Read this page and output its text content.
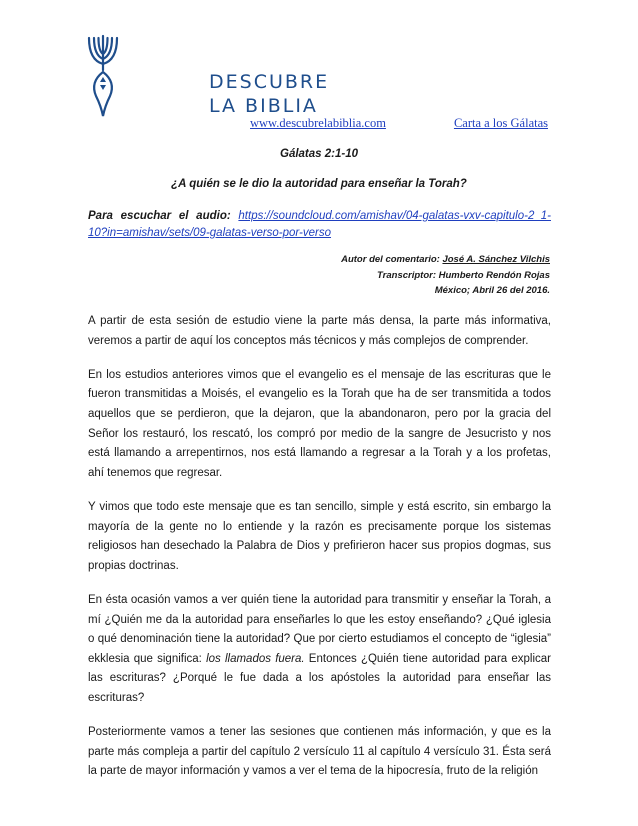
DESCUBRE
LA BIBLIA
www.descubrelabiblia.com	Carta a los Gálatas
Gálatas 2:1-10
¿A quién se le dio la autoridad para enseñar la Torah?
Para escuchar el audio: https://soundcloud.com/amishav/04-galatas-vxv-capitulo-2_1-10?in=amishav/sets/09-galatas-verso-por-verso
Autor del comentario: José A. Sánchez Vilchis
Transcriptor: Humberto Rendón Rojas
México; Abril 26 del 2016.

A partir de esta sesión de estudio viene la parte más densa, la parte más informativa, veremos a partir de aquí los conceptos más técnicos y más complejos de comprender.

En los estudios anteriores vimos que el evangelio es el mensaje de las escrituras que le fueron transmitidas a Moisés, el evangelio es la Torah que ha de ser transmitida a todos aquellos que se perdieron, que la dejaron, que la abandonaron, pero por la gracia del Señor los restauró, los rescató, los compró por medio de la sangre de Jesucristo y nos está llamando a arrepentirnos, nos está llamando a regresar a la Torah y a los profetas, ahí tenemos que regresar.

Y vimos que todo este mensaje que es tan sencillo, simple y está escrito, sin embargo la mayoría de la gente no lo entiende y la razón es precisamente porque los sistemas religiosos han desechado la Palabra de Dios y prefirieron hacer sus propios dogmas, sus propias doctrinas.

En ésta ocasión vamos a ver quién tiene la autoridad para transmitir y enseñar la Torah, a mí ¿Quién me da la autoridad para enseñarles lo que les estoy enseñando? ¿Qué iglesia o qué denominación tiene la autoridad? Que por cierto estudiamos el concepto de “iglesia” ekklesia que significa: los llamados fuera. Entonces ¿Quién tiene autoridad para explicar las escrituras? ¿Porqué le fue dada a los apóstoles la autoridad para enseñar las escrituras?

Posteriormente vamos a tener las sesiones que contienen más información, y que es la parte más compleja a partir del capítulo 2 versículo 11 al capítulo 4 versículo 31. Ésta será la parte de mayor información y vamos a ver el tema de la hipocresía, fruto de la religión
